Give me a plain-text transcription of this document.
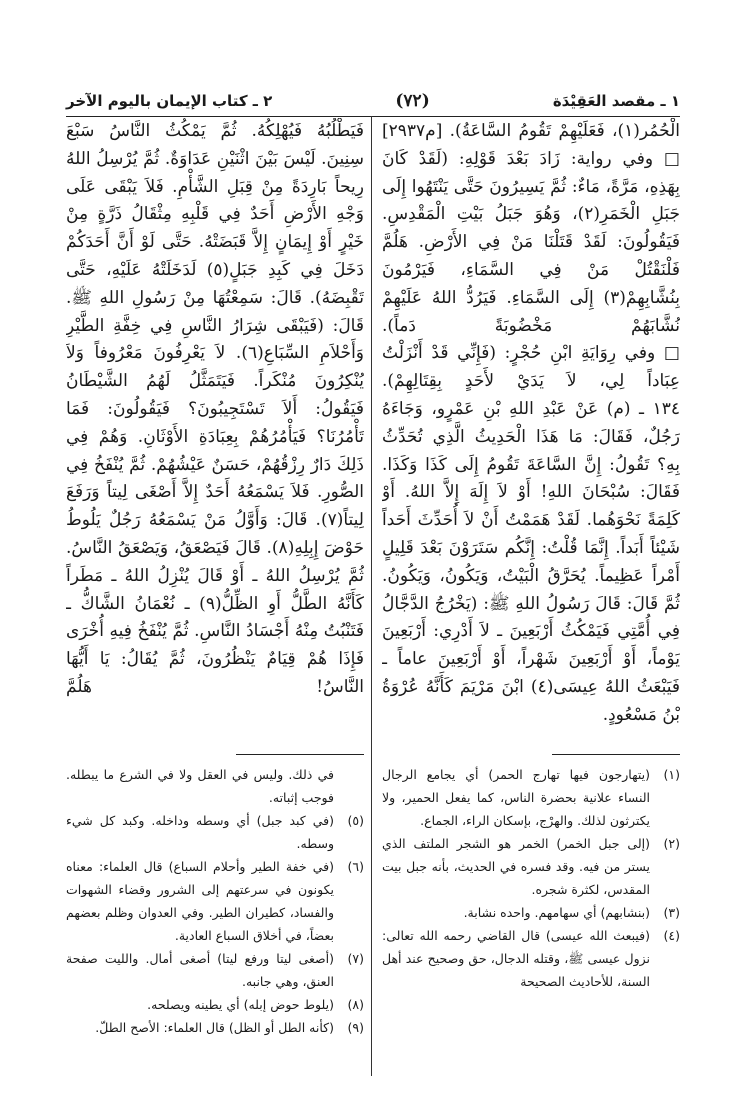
١ ـ مقصد العَقِيْدَة
(٧٢)
٢ ـ كتاب الإيمان باليوم الآخر

الْحُمُر(١)، فَعَلَيْهِمْ تَقُومُ السَّاعَةُ). [م٢٩٣٧]

□ وفي رواية: زَادَ بَعْدَ قَوْلِهِ: (لَقَدْ كَانَ بِهَذِهِ، مَرَّةً، مَاءٌ: ثُمَّ يَسِيرُونَ حَتَّى يَنْتَهُوا إِلَى جَبَلِ الْخَمَرِ(٢)، وَهُوَ جَبَلُ بَيْتِ الْمَقْدِسِ. فَيَقُولُونَ: لَقَدْ قَتَلْنَا مَنْ فِي الأَرْضِ. هَلُمَّ فَلْنَقْتُلْ مَنْ فِي السَّمَاءِ، فَيَرْمُونَ بِنُشَّابِهِمْ(٣) إِلَى السَّمَاءِ. فَيَرُدُّ اللهُ عَلَيْهِمْ نُشَّابَهُمْ مَخْضُوبَةً دَماً).

□ وفي رِوَايَةِ ابْنِ حُجْرٍ: (فَإِنِّي قَدْ أَنْزَلْتُ عِبَاداً لِي، لاَ يَدَيْ لأَحَدٍ بِقِتَالِهِمْ).

١٣٤ ـ (م) عَنْ عَبْدِ اللهِ بْنِ عَمْرٍو، وَجَاءَهُ رَجُلٌ، فَقَالَ: مَا هَذَا الْحَدِيثُ الَّذِي تُحَدِّثُ بِهِ؟ تَقُولُ: إِنَّ السَّاعَةَ تَقُومُ إِلَى كَذَا وَكَذَا. فَقَالَ: سُبْحَانَ اللهِ! أَوْ لاَ إِلَهَ إِلاَّ اللهُ. أَوْ كَلِمَةً نَحْوَهُما. لَقَدْ هَمَمْتُ أَنْ لاَ أُحَدِّثَ أَحَداً شَيْئاً أَبَداً. إِنَّمَا قُلْتُ: إِنَّكُم سَتَرَوْنَ بَعْدَ قَلِيلٍ أَمْراً عَظِيماً. يُحَرَّقُ الْبَيْتُ، وَيَكُونُ، وَيَكُونُ. ثُمَّ قَالَ: قَالَ رَسُولُ اللهِ ﷺ: (يَخْرُجُ الدَّجَّالُ فِي أُمَّتِي فَيَمْكُثُ أَرْبَعِينَ ـ لاَ أَدْرِي: أَرْبَعِينَ يَوْماً، أَوْ أَرْبَعِينَ شَهْراً، أَوْ أَرْبَعِينَ عاماً ـ فَيَبْعَثُ اللهُ عِيسَى(٤) ابْنَ مَرْيَمَ كَأَنَّهُ عُرْوَةُ بْنُ مَسْعُودٍ.

(١)
(يتهارجون فيها تهارج الحمر) أي يجامع الرجال النساء علانية بحضرة الناس، كما يفعل الحمير، ولا يكترثون لذلك. والهرْج، بإسكان الراء، الجماع.
(٢)
(إلى جبل الخمر) الخمر هو الشجر الملتف الذي يستر من فيه. وقد فسره في الحديث، بأنه جبل بيت المقدس، لكثرة شجره.
(٣)
(بنشابهم) أي سهامهم. واحده نشابة.
(٤)
(فيبعث الله عيسى) قال القاضي رحمه الله تعالى: نزول عيسى ﷺ، وقتله الدجال، حق وصحيح عند أهل السنة، للأحاديث الصحيحة

فَيَطْلُبُهُ فَيُهْلِكُهُ. ثُمَّ يَمْكُثُ النَّاسُ سَبْعَ سِنِينَ. لَيْسَ بَيْنَ اثْنَيْنِ عَدَاوَةٌ. ثُمَّ يُرْسِلُ اللهُ رِيحاً بَارِدَةً مِنْ قِبَلِ الشَّأْمِ. فَلاَ يَبْقَى عَلَى وَجْهِ الأَرْضِ أَحَدٌ فِي قَلْبِهِ مِثْقَالُ ذَرَّةٍ مِنْ خَيْرٍ أَوْ إِيمَانٍ إِلاَّ قَبَضَتْهُ. حَتَّى لَوْ أَنَّ أَحَدَكُمْ دَخَلَ فِي كَبِدِ جَبَلٍ(٥) لَدَخَلَتْهُ عَلَيْهِ، حَتَّى تَقْبِضَهُ). قَالَ: سَمِعْتُهَا مِنْ رَسُولِ اللهِ ﷺ. قَالَ: (فَيَبْقَى شِرَارُ النَّاسِ فِي خِفَّةِ الطَّيْرِ وَأَحْلاَمِ السِّبَاعِ(٦). لاَ يَعْرِفُونَ مَعْرُوفاً وَلاَ يُنْكِرُونَ مُنْكَراً. فَيَتَمَثَّلُ لَهُمُ الشَّيْطَانُ فَيَقُولُ: أَلاَ تَسْتَجِيبُونَ؟ فَيَقُولُونَ: فَمَا تَأْمُرُنَا؟ فَيَأْمُرُهُمْ بِعِبَادَةِ الأَوْثَانِ. وَهُمْ فِي ذَلِكَ دَارٌ رِزْقُهُمْ، حَسَنٌ عَيْشُهُمْ. ثُمَّ يُنْفَخُ فِي الصُّورِ. فَلاَ يَسْمَعُهُ أَحَدٌ إِلاَّ أَصْغَى لِيتاً وَرَفَعَ لِيتاً(٧). قَالَ: وَأَوَّلُ مَنْ يَسْمَعُهُ رَجُلٌ يَلُوطُ حَوْضَ إِبِلِهِ(٨). قَالَ فَيَصْعَقُ، وَيَصْعَقُ النَّاسُ. ثُمَّ يُرْسِلُ اللهُ ـ أَوْ قَالَ يُنْزِلُ اللهُ ـ مَطَراً كَأَنَّهُ الطَّلُّ أَوِ الظِّلُّ(٩) ـ نُعْمَانُ الشَّاكُّ ـ فَتَنْبُتُ مِنْهُ أَجْسَادُ النَّاسِ. ثُمَّ يُنْفَخُ فِيهِ أُخْرَى فَإِذَا هُمْ قِيَامٌ يَنْظُرُونَ، ثُمَّ يُقَالُ: يَا أَيُّهَا النَّاسُ! هَلُمَّ

في ذلك. وليس في العقل ولا في الشرع ما يبطله. فوجب إثباته.
(٥)
(في كبد جبل) أي وسطه وداخله. وكبد كل شيء وسطه.
(٦)
(في خفة الطير وأحلام السباع) قال العلماء: معناه يكونون في سرعتهم إلى الشرور وقضاء الشهوات والفساد، كطيران الطير. وفي العدوان وظلم بعضهم بعضاً، في أخلاق السباع العادية.
(٧)
(أصغى ليتا ورفع ليتا) أصغى أمال. والليت صفحة العنق، وهي جانبه.
(٨)
(يلوط حوض إبله) أي يطينه ويصلحه.
(٩)
(كأنه الطل أو الظل) قال العلماء: الأصح الطلّ.
